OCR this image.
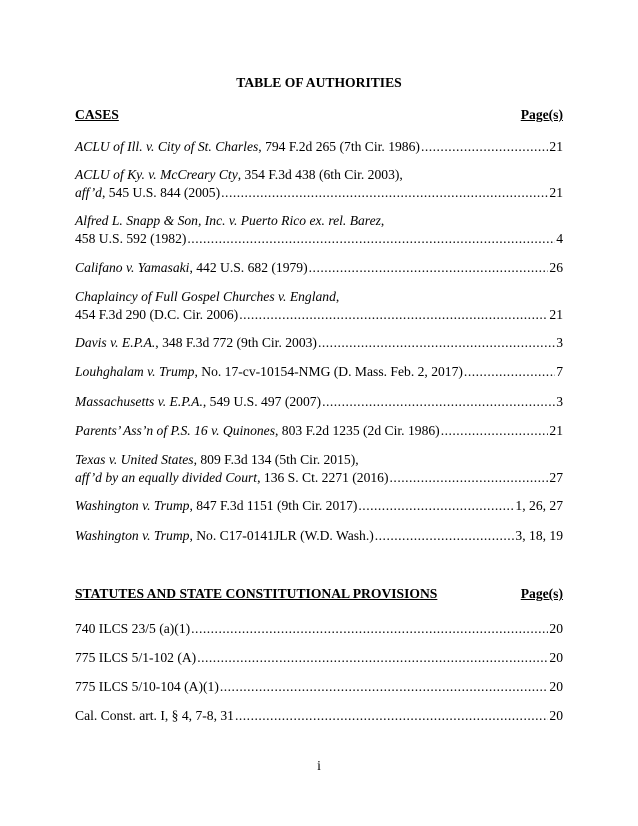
TABLE OF AUTHORITIES
CASES	Page(s)
ACLU of Ill. v. City of St. Charles, 794 F.2d 265 (7th Cir. 1986) .....	21
ACLU of Ky. v. McCreary Cty, 354 F.3d 438 (6th Cir. 2003),
aff’d, 545 U.S. 844 (2005) .....	21
Alfred L. Snapp & Son, Inc. v. Puerto Rico ex. rel. Barez,
458 U.S. 592 (1982) .....	4
Califano v. Yamasaki, 442 U.S. 682 (1979) .....	26
Chaplaincy of Full Gospel Churches v. England,
454 F.3d 290 (D.C. Cir. 2006) .....	21
Davis v. E.P.A., 348 F.3d 772 (9th Cir. 2003) .....	3
Louhghalam v. Trump, No. 17-cv-10154-NMG (D. Mass. Feb. 2, 2017) .....	7
Massachusetts v. E.P.A., 549 U.S. 497 (2007) .....	3
Parents’ Ass’n of P.S. 16 v. Quinones, 803 F.2d 1235 (2d Cir. 1986) .....	21
Texas v. United States, 809 F.3d 134 (5th Cir. 2015),
aff’d by an equally divided Court, 136 S. Ct. 2271 (2016) .....	27
Washington v. Trump, 847 F.3d 1151 (9th Cir. 2017) .....	1, 26, 27
Washington v. Trump, No. C17-0141JLR (W.D. Wash.) .....	3, 18, 19
STATUTES AND STATE CONSTITUTIONAL PROVISIONS	Page(s)
740 ILCS 23/5 (a)(1) .....	20
775 ILCS 5/1-102 (A) .....	20
775 ILCS 5/10-104 (A)(1) .....	20
Cal. Const. art. I, § 4, 7-8, 31 .....	20
i
